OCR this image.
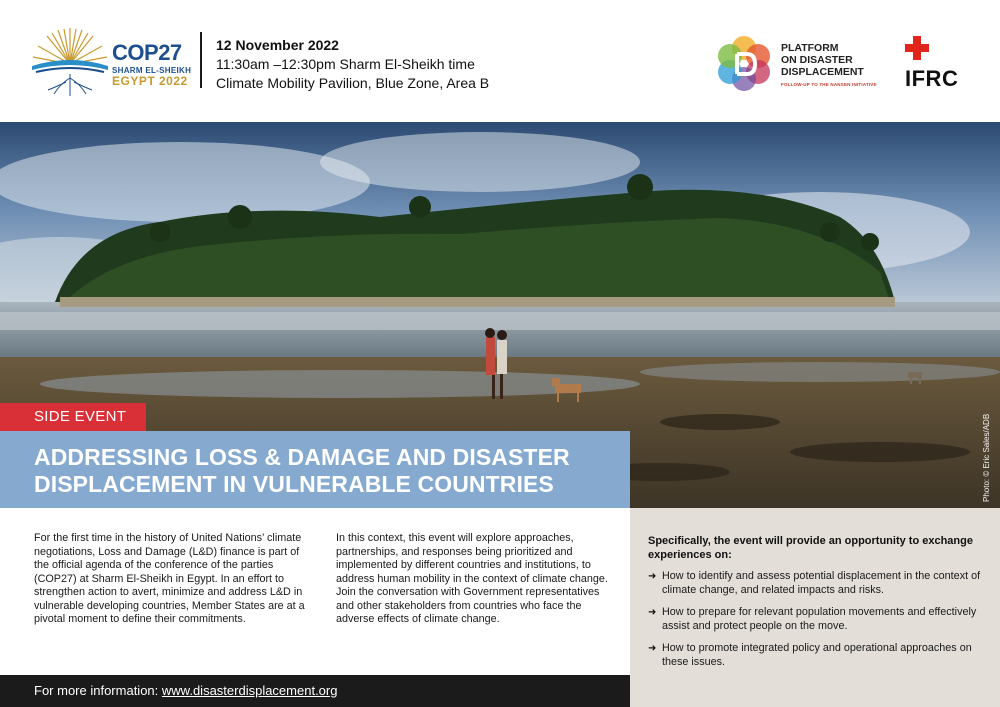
COP27
SHARM EL-SHEIKH
EGYPT 2022
12 November 2022
11:30am –12:30pm Sharm El-Sheikh time
Climate Mobility Pavilion, Blue Zone, Area B
PLATFORM
ON DISASTER
DISPLACEMENT
FOLLOW-UP TO THE NANSEN INITIATIVE IFRC
Photo: © Eric Sales/ADB
SIDE EVENT
ADDRESSING LOSS & DAMAGE AND DISASTER
DISPLACEMENT IN VULNERABLE COUNTRIES
For the first time in the history of United Nations’ climate negotiations, Loss and Damage (L&D) finance is part of the official agenda of the conference of the parties (COP27) at Sharm El-Sheikh in Egypt. In an effort to strengthen action to avert, minimize and address L&D in vulnerable developing countries, Member States are at a pivotal moment to define their commitments.
In this context, this event will explore approaches, partnerships, and responses being prioritized and implemented by different countries and institutions, to address human mobility in the context of climate change. Join the conversation with Government representatives and other stakeholders from countries who face the adverse effects of climate change.
Specifically, the event will provide an opportunity to exchange experiences on:
➜ How to identify and assess potential displacement in the context of climate change, and related impacts and risks.
➜ How to prepare for relevant population movements and effectively assist and protect people on the move.
➜ How to promote integrated policy and operational approaches on these issues.
For more information: www.disasterdisplacement.org
